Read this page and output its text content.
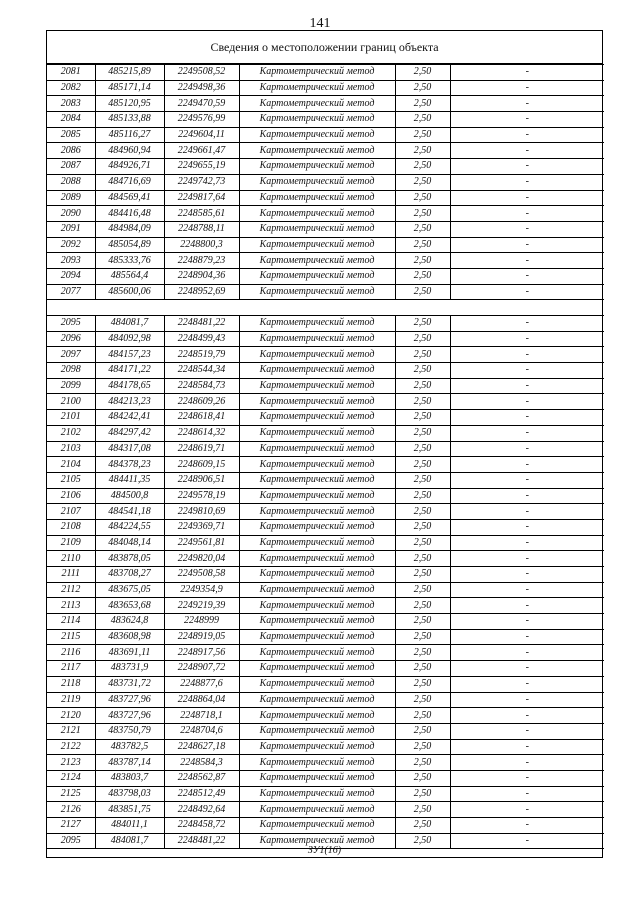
141
Сведения о местоположении границ объекта
2081	485215,89	2249508,52	Картометрический метод	2,50	-
2082	485171,14	2249498,36	Картометрический метод	2,50	-
2083	485120,95	2249470,59	Картометрический метод	2,50	-
2084	485133,88	2249576,99	Картометрический метод	2,50	-
2085	485116,27	2249604,11	Картометрический метод	2,50	-
2086	484960,94	2249661,47	Картометрический метод	2,50	-
2087	484926,71	2249655,19	Картометрический метод	2,50	-
2088	484716,69	2249742,73	Картометрический метод	2,50	-
2089	484569,41	2249817,64	Картометрический метод	2,50	-
2090	484416,48	2248585,61	Картометрический метод	2,50	-
2091	484984,09	2248788,11	Картометрический метод	2,50	-
2092	485054,89	2248800,3	Картометрический метод	2,50	-
2093	485333,76	2248879,23	Картометрический метод	2,50	-
2094	485564,4	2248904,36	Картометрический метод	2,50	-
2077	485600,06	2248952,69	Картометрический метод	2,50	-

2095	484081,7	2248481,22	Картометрический метод	2,50	-
2096	484092,98	2248499,43	Картометрический метод	2,50	-
2097	484157,23	2248519,79	Картометрический метод	2,50	-
2098	484171,22	2248544,34	Картометрический метод	2,50	-
2099	484178,65	2248584,73	Картометрический метод	2,50	-
2100	484213,23	2248609,26	Картометрический метод	2,50	-
2101	484242,41	2248618,41	Картометрический метод	2,50	-
2102	484297,42	2248614,32	Картометрический метод	2,50	-
2103	484317,08	2248619,71	Картометрический метод	2,50	-
2104	484378,23	2248609,15	Картометрический метод	2,50	-
2105	484411,35	2248906,51	Картометрический метод	2,50	-
2106	484500,8	2249578,19	Картометрический метод	2,50	-
2107	484541,18	2249810,69	Картометрический метод	2,50	-
2108	484224,55	2249369,71	Картометрический метод	2,50	-
2109	484048,14	2249561,81	Картометрический метод	2,50	-
2110	483878,05	2249820,04	Картометрический метод	2,50	-
2111	483708,27	2249508,58	Картометрический метод	2,50	-
2112	483675,05	2249354,9	Картометрический метод	2,50	-
2113	483653,68	2249219,39	Картометрический метод	2,50	-
2114	483624,8	2248999	Картометрический метод	2,50	-
2115	483608,98	2248919,05	Картометрический метод	2,50	-
2116	483691,11	2248917,56	Картометрический метод	2,50	-
2117	483731,9	2248907,72	Картометрический метод	2,50	-
2118	483731,72	2248877,6	Картометрический метод	2,50	-
2119	483727,96	2248864,04	Картометрический метод	2,50	-
2120	483727,96	2248718,1	Картометрический метод	2,50	-
2121	483750,79	2248704,6	Картометрический метод	2,50	-
2122	483782,5	2248627,18	Картометрический метод	2,50	-
2123	483787,14	2248584,3	Картометрический метод	2,50	-
2124	483803,7	2248562,87	Картометрический метод	2,50	-
2125	483798,03	2248512,49	Картометрический метод	2,50	-
2126	483851,75	2248492,64	Картометрический метод	2,50	-
2127	484011,1	2248458,72	Картометрический метод	2,50	-
2095	484081,7	2248481,22	Картометрический метод	2,50	-
ЗУ1(16)
